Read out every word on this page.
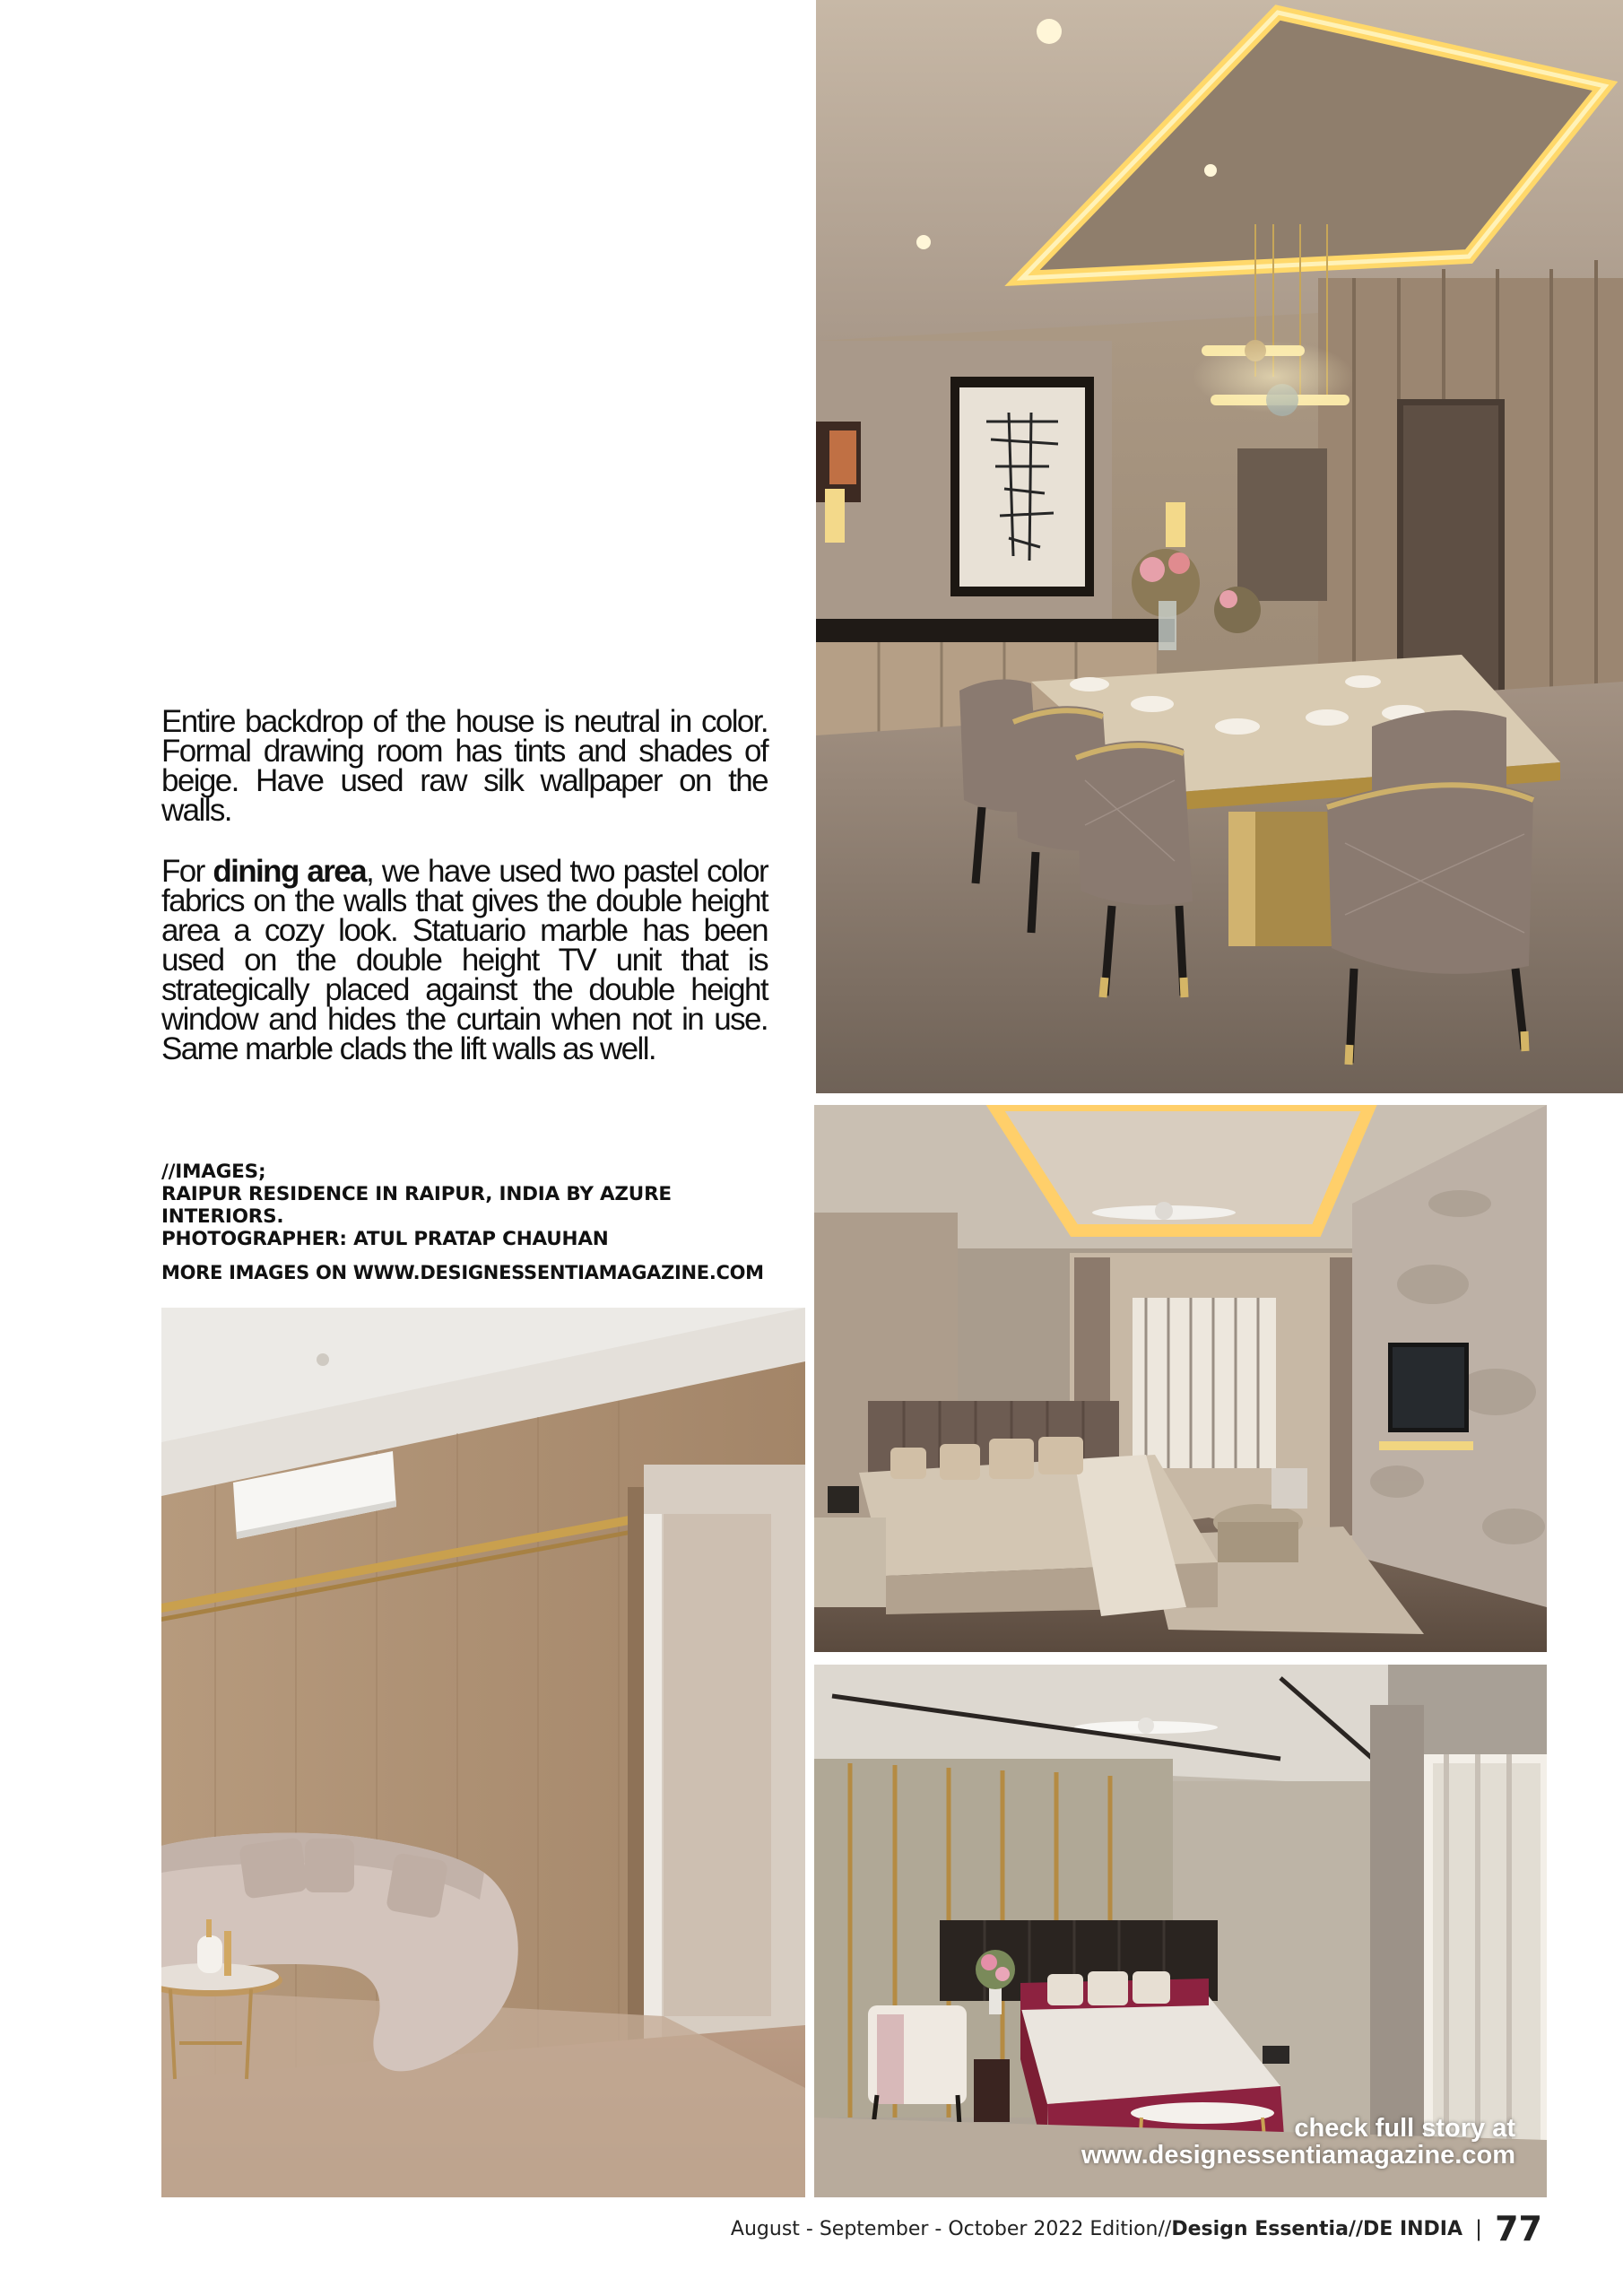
check full story at
www.designessentiamagazine.com

Entire backdrop of the house is neutral in color. Formal drawing room has tints and shades of beige. Have used raw silk wallpaper on the walls.

For dining area, we have used two pastel color fabrics on the walls that gives the double height area a cozy look. Statuario marble has been used on the double height TV unit that is strategically placed against the double height window and hides the curtain when not in use. Same marble clads the lift walls as well.

//IMAGES;
RAIPUR RESIDENCE IN RAIPUR, INDIA BY AZURE
INTERIORS.
PHOTOGRAPHER: ATUL PRATAP CHAUHAN
MORE IMAGES ON WWW.DESIGNESSENTIAMAGAZINE.COM
August - September - October 2022 Edition// Design Essentia//DE INDIA | 77
